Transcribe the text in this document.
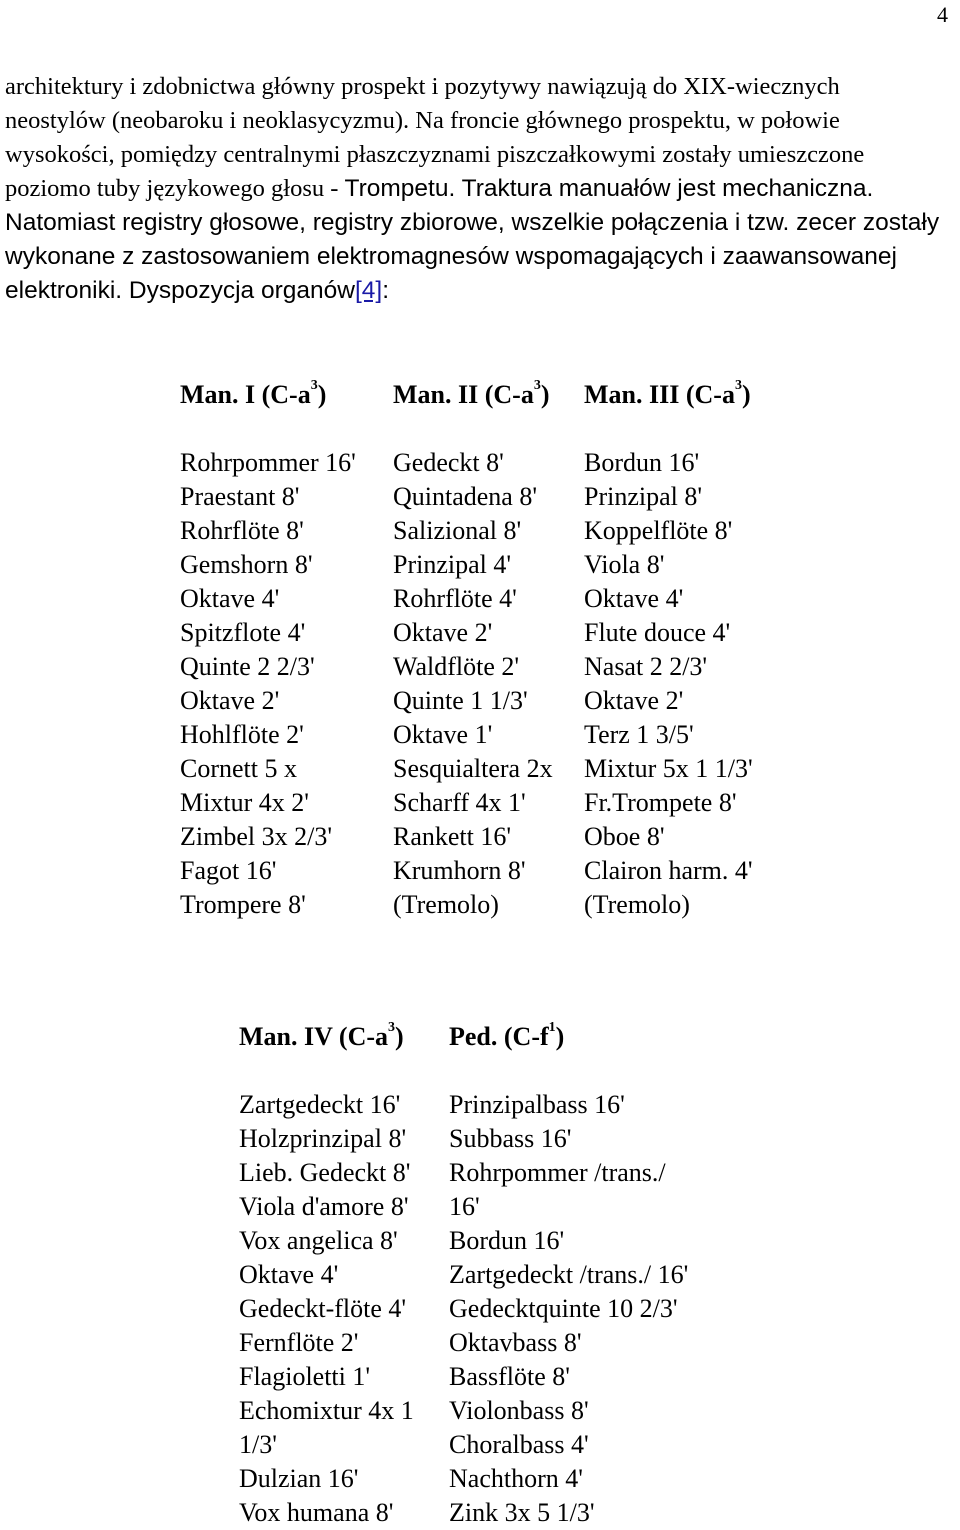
4

architektury i zdobnictwa główny prospekt i pozytywy nawiązują do XIX-wiecznych neostylów (neobaroku i neoklasycyzmu). Na froncie głównego prospektu, w połowie wysokości, pomiędzy centralnymi płaszczyznami piszczałkowymi zostały umieszczone poziomo tuby językowego głosu - Trompetu. Traktura manuałów jest mechaniczna. Natomiast registry głosowe, registry zbiorowe, wszelkie połączenia i tzw. zecer zostały wykonane z zastosowaniem elektromagnesów wspomagających i zaawansowanej elektroniki. Dyspozycja organów[4]:

Man. I $(C-a^3)$	Man. II $(C-a^3)$	Man. III $(C-a^3)$

Rohrpommer 16'	Gedeckt 8'	Bordun 16'
Praestant 8'	Quintadena 8'	Prinzipal 8'
Rohrflöte 8'	Salizional 8'	Koppelflöte 8'
Gemshorn 8'	Prinzipal 4'	Viola 8'
Oktave 4'	Rohrflöte 4'	Oktave 4'
Spitzflote 4'	Oktave 2'	Flute douce 4'
Quinte 2 2/3'	Waldflöte 2'	Nasat 2 2/3'
Oktave 2'	Quinte 1 1/3'	Oktave 2'
Hohlflöte 2'	Oktave 1'	Terz 1 3/5'
Cornett 5 x	Sesquialtera 2x	Mixtur 5x 1 1/3'
Mixtur 4x 2'	Scharff 4x 1'	Fr.Trompete 8'
Zimbel 3x 2/3'	Rankett 16'	Oboe 8'
Fagot 16'	Krumhorn 8'	Clairon harm. 4'
Trompere 8'	(Tremolo)	(Tremolo)
Man. IV $(C-a^3)$	Ped. $(C-f^1)$

Zartgedeckt 16'	Prinzipalbass 16'
Holzprinzipal 8'	Subbass 16'
Lieb. Gedeckt 8'	Rohrpommer /trans./
Viola d'amore 8'	16'
Vox angelica 8'	Bordun 16'
Oktave 4'	Zartgedeckt /trans./ 16'
Gedeckt-flöte 4'	Gedecktquinte 10 2/3'
Fernflöte 2'	Oktavbass 8'
Flagioletti 1'	Bassflöte 8'
Echomixtur 4x 1	Violonbass 8'
1/3'	Choralbass 4'
Dulzian 16'	Nachthorn 4'
Vox humana 8'	Zink 3x 5 1/3'
